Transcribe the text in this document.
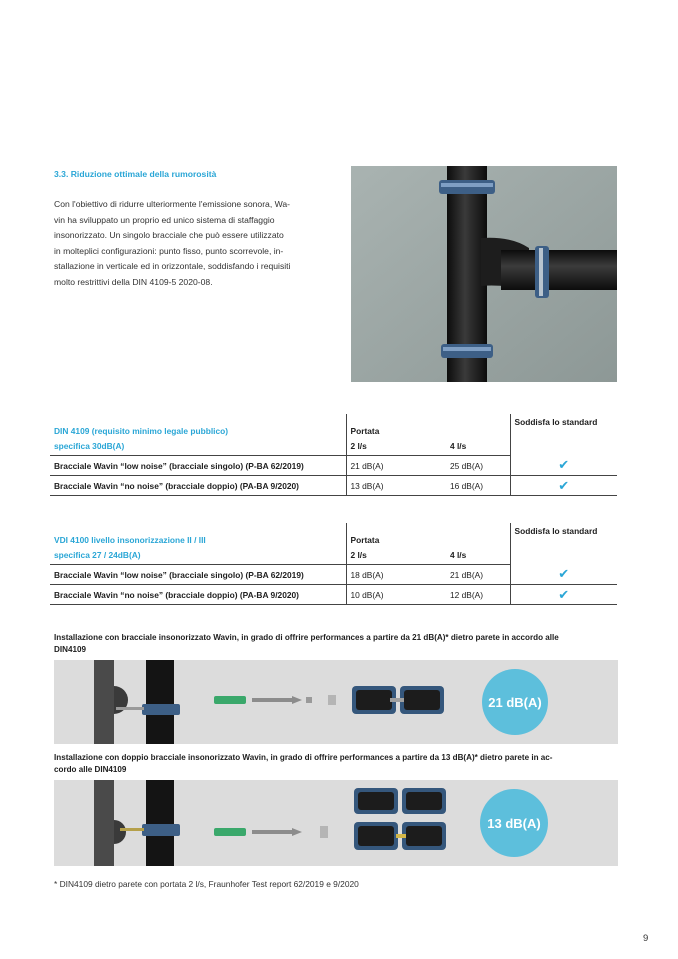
3.3. Riduzione ottimale della rumorosità
Con l'obiettivo di ridurre ulteriormente l'emissione sonora, Wa-
vin ha sviluppato un proprio ed unico sistema di staffaggio
insonorizzato. Un singolo bracciale che può essere utilizzato
in molteplici configurazioni: punto fisso, punto scorrevole, in-
stallazione in verticale ed in orizzontale, soddisfando i requisiti
molto restrittivi della DIN 4109-5 2020-08.
DIN 4109 (requisito minimo legale pubblico)	Portata		Soddisfa lo standard
specifica 30dB(A)	2 l/s	4 l/s	
Bracciale Wavin “low noise” (bracciale singolo) (P-BA 62/2019)	21 dB(A)	25 dB(A)	✔
Bracciale Wavin “no noise” (bracciale doppio) (PA-BA 9/2020)	13 dB(A)	16 dB(A)	✔
VDI 4100 livello insonorizzazione II / III	Portata		Soddisfa lo standard
specifica 27 / 24dB(A)	2 l/s	4 l/s	
Bracciale Wavin “low noise” (bracciale singolo) (P-BA 62/2019)	18 dB(A)	21 dB(A)	✔
Bracciale Wavin “no noise” (bracciale doppio) (PA-BA 9/2020)	10 dB(A)	12 dB(A)	✔
Installazione con bracciale insonorizzato Wavin, in grado di offrire performances a partire da 21 dB(A)* dietro parete in accordo alle
DIN4109
21 dB(A)
Installazione con doppio bracciale insonorizzato Wavin, in grado di offrire performances a partire da 13 dB(A)* dietro parete in ac-
cordo alle DIN4109
13 dB(A)
* DIN4109 dietro parete con portata 2 l/s, Fraunhofer Test report 62/2019 e 9/2020
9
